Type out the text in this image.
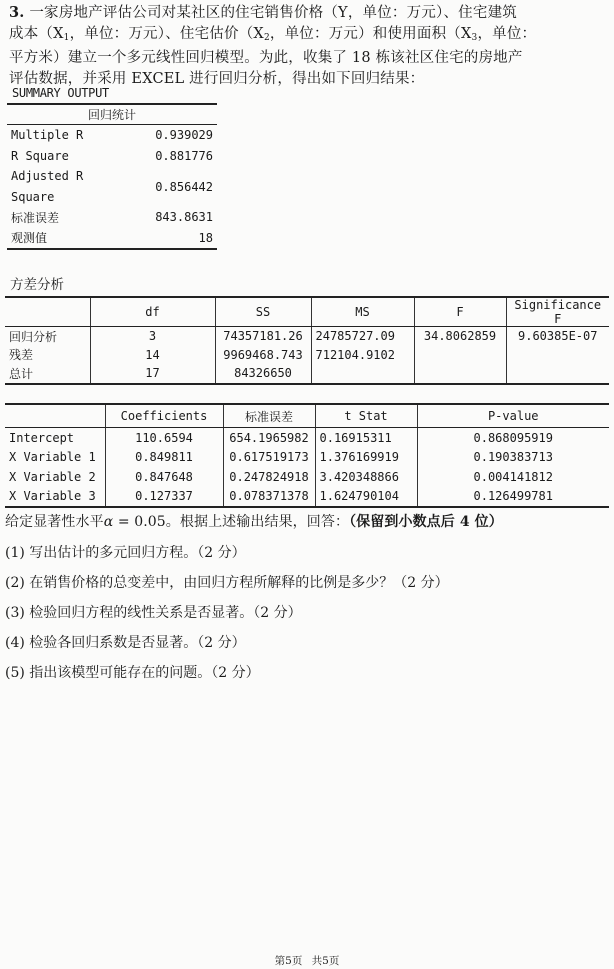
3. 一家房地产评估公司对某社区的住宅销售价格（Y，单位：万元）、住宅建筑
成本（$X_1$，单位：万元）、住宅估价（$X_2$，单位：万元）和使用面积（$X_3$，单位：
平方米）建立一个多元线性回归模型。为此，收集了 18 栋该社区住宅的房地产
评估数据，并采用 EXCEL 进行回归分析，得出如下回归结果：
SUMMARY OUTPUT
回归统计	
Multiple R	0.939029
R Square	0.881776
Adjusted R	0.856442
Square	
标准误差	843.8631
观测值	18
方差分析
	df	SS	MS	F	Significance F
回归分析	3	74357181.26	24785727.09	34.8062859	9.60385E-07
残差	14	9969468.743	712104.9102		
总计	17	84326650			
	Coefficients	标准误差	t Stat	P-value
Intercept	110.6594	654.1965982	0.16915311	0.868095919
X Variable 1	0.849811	0.617519173	1.376169919	0.190383713
X Variable 2	0.847648	0.247824918	3.420348866	0.004141812
X Variable 3	0.127337	0.078371378	1.624790104	0.126499781
给定显著性水平α = 0.05。根据上述输出结果，回答：（保留到小数点后 4 位）
(1) 写出估计的多元回归方程。（2 分）
(2) 在销售价格的总变差中，由回归方程所解释的比例是多少？（2 分）
(3) 检验回归方程的线性关系是否显著。（2 分）
(4) 检验各回归系数是否显著。（2 分）
(5) 指出该模型可能存在的问题。（2 分）
第5页 共5页
